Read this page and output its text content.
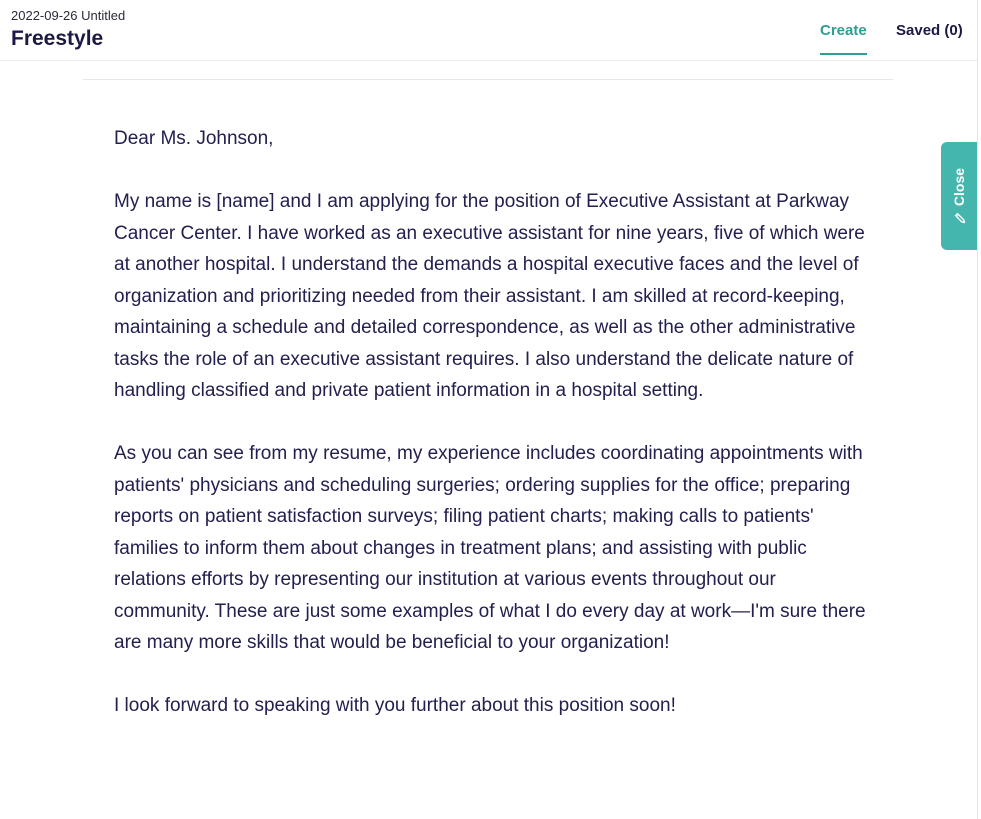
2022-09-26 Untitled
Freestyle	Create Saved (0)

Dear Ms. Johnson,

My name is [name] and I am applying for the position of Executive Assistant at Parkway Cancer Center. I have worked as an executive assistant for nine years, five of which were at another hospital. I understand the demands a hospital executive faces and the level of organization and prioritizing needed from their assistant. I am skilled at record-keeping, maintaining a schedule and detailed correspondence, as well as the other administrative tasks the role of an executive assistant requires. I also understand the delicate nature of handling classified and private patient information in a hospital setting.

As you can see from my resume, my experience includes coordinating appointments with patients' physicians and scheduling surgeries; ordering supplies for the office; preparing reports on patient satisfaction surveys; filing patient charts; making calls to patients' families to inform them about changes in treatment plans; and assisting with public relations efforts by representing our institution at various events throughout our community. These are just some examples of what I do every day at work—I'm sure there are many more skills that would be beneficial to your organization!

I look forward to speaking with you further about this position soon!

Close
